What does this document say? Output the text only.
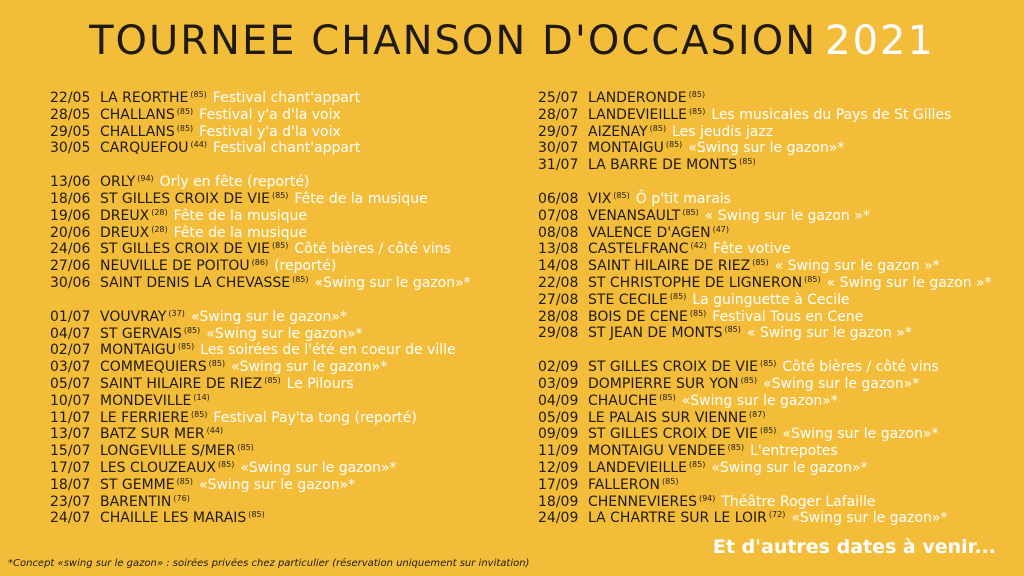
TOURNEE CHANSON D'OCCASION 2021
22/05 LA REORTHE $^{(85)}$ Festival chant'appart
28/05 CHALLANS $^{(85)}$ Festival y'a d'la voix
29/05 CHALLANS $^{(85)}$ Festival y'a d'la voix
30/05 CARQUEFOU $^{(44)}$ Festival chant'appart
13/06 ORLY $^{(94)}$ Orly en fête (reporté)
18/06 ST GILLES CROIX DE VIE $^{(85)}$ Fête de la musique
19/06 DREUX $^{(28)}$ Fête de la musique
20/06 DREUX $^{(28)}$ Fête de la musique
24/06 ST GILLES CROIX DE VIE $^{(85)}$ Côté bières / côté vins
27/06 NEUVILLE DE POITOU $^{(86)}$ (reporté)
30/06 SAINT DENIS LA CHEVASSE $^{(85)}$ «Swing sur le gazon»*
01/07 VOUVRAY $^{(37)}$ «Swing sur le gazon»*
04/07 ST GERVAIS $^{(85)}$ «Swing sur le gazon»*
02/07 MONTAIGU $^{(85)}$ Les soirées de l'été en coeur de ville
03/07 COMMEQUIERS $^{(85)}$ «Swing sur le gazon»*
05/07 SAINT HILAIRE DE RIEZ $^{(85)}$ Le Pilours
10/07 MONDEVILLE $^{(14)}$
11/07 LE FERRIERE $^{(85)}$ Festival Pay'ta tong (reporté)
13/07 BATZ SUR MER $^{(44)}$
15/07 LONGEVILLE S/MER $^{(85)}$
17/07 LES CLOUZEAUX $^{(85)}$ «Swing sur le gazon»*
18/07 ST GEMME $^{(85)}$ «Swing sur le gazon»*
23/07 BARENTIN $^{(76)}$
24/07 CHAILLE LES MARAIS $^{(85)}$
25/07 LANDERONDE $^{(85)}$
28/07 LANDEVIEILLE $^{(85)}$ Les musicales du Pays de St Gilles
29/07 AIZENAY $^{(85)}$ Les jeudis jazz
30/07 MONTAIGU $^{(85)}$ «Swing sur le gazon»*
31/07 LA BARRE DE MONTS $^{(85)}$
06/08 VIX $^{(85)}$ Ô p'tit marais
07/08 VENANSAULT $^{(85)}$ « Swing sur le gazon »*
08/08 VALENCE D'AGEN $^{(47)}$
13/08 CASTELFRANC $^{(42)}$ Fête votive
14/08 SAINT HILAIRE DE RIEZ $^{(85)}$ « Swing sur le gazon »*
22/08 ST CHRISTOPHE DE LIGNERON $^{(85)}$ « Swing sur le gazon »*
27/08 STE CECILE $^{(85)}$ La guinguette à Cecile
28/08 BOIS DE CENE $^{(85)}$ Festival Tous en Cene
29/08 ST JEAN DE MONTS $^{(85)}$ « Swing sur le gazon »*
02/09 ST GILLES CROIX DE VIE $^{(85)}$ Côté bières / côté vins
03/09 DOMPIERRE SUR YON $^{(85)}$ «Swing sur le gazon»*
04/09 CHAUCHE $^{(85)}$ «Swing sur le gazon»*
05/09 LE PALAIS SUR VIENNE $^{(87)}$
09/09 ST GILLES CROIX DE VIE $^{(85)}$ «Swing sur le gazon»*
11/09 MONTAIGU VENDEE $^{(85)}$ L'entrepotes
12/09 LANDEVIEILLE $^{(85)}$ «Swing sur le gazon»*
17/09 FALLERON $^{(85)}$
18/09 CHENNEVIERES $^{(94)}$ Théâtre Roger Lafaille
24/09 LA CHARTRE SUR LE LOIR $^{(72)}$ «Swing sur le gazon»*
*Concept «swing sur le gazon» : soirées privées chez particulier (réservation uniquement sur invitation)
Et d'autres dates à venir...
